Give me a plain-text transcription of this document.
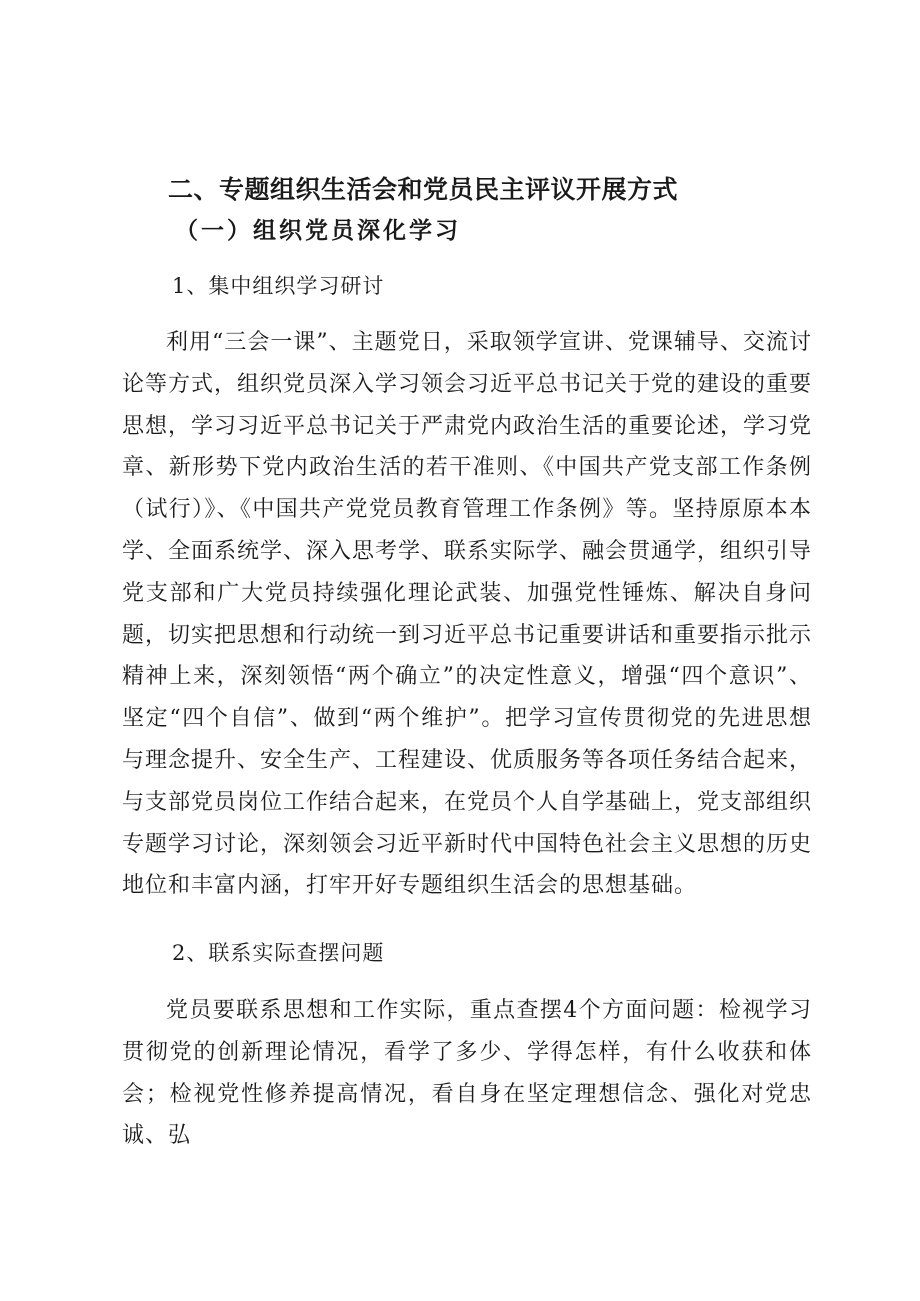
二、专题组织生活会和党员民主评议开展方式
（一）组织党员深化学习
1、集中组织学习研讨

利用“三会一课”、主题党日，采取领学宣讲、党课辅导、交流讨论等方式，组织党员深入学习领会习近平总书记关于党的建设的重要思想，学习习近平总书记关于严肃党内政治生活的重要论述，学习党章、新形势下党内政治生活的若干准则、《中国共产党支部工作条例（试行）》、《中国共产党党员教育管理工作条例》等。坚持原原本本学、全面系统学、深入思考学、联系实际学、融会贯通学，组织引导党支部和广大党员持续强化理论武装、加强党性锤炼、解决自身问题，切实把思想和行动统一到习近平总书记重要讲话和重要指示批示精神上来，深刻领悟“两个确立”的决定性意义，增强“四个意识”、坚定“四个自信”、做到“两个维护”。把学习宣传贯彻党的先进思想与理念提升、安全生产、工程建设、优质服务等各项任务结合起来，与支部党员岗位工作结合起来，在党员个人自学基础上，党支部组织专题学习讨论，深刻领会习近平新时代中国特色社会主义思想的历史地位和丰富内涵，打牢开好专题组织生活会的思想基础。

2、联系实际查摆问题

党员要联系思想和工作实际，重点查摆4个方面问题：检视学习贯彻党的创新理论情况，看学了多少、学得怎样，有什么收获和体会；检视党性修养提高情况，看自身在坚定理想信念、强化对党忠诚、弘
